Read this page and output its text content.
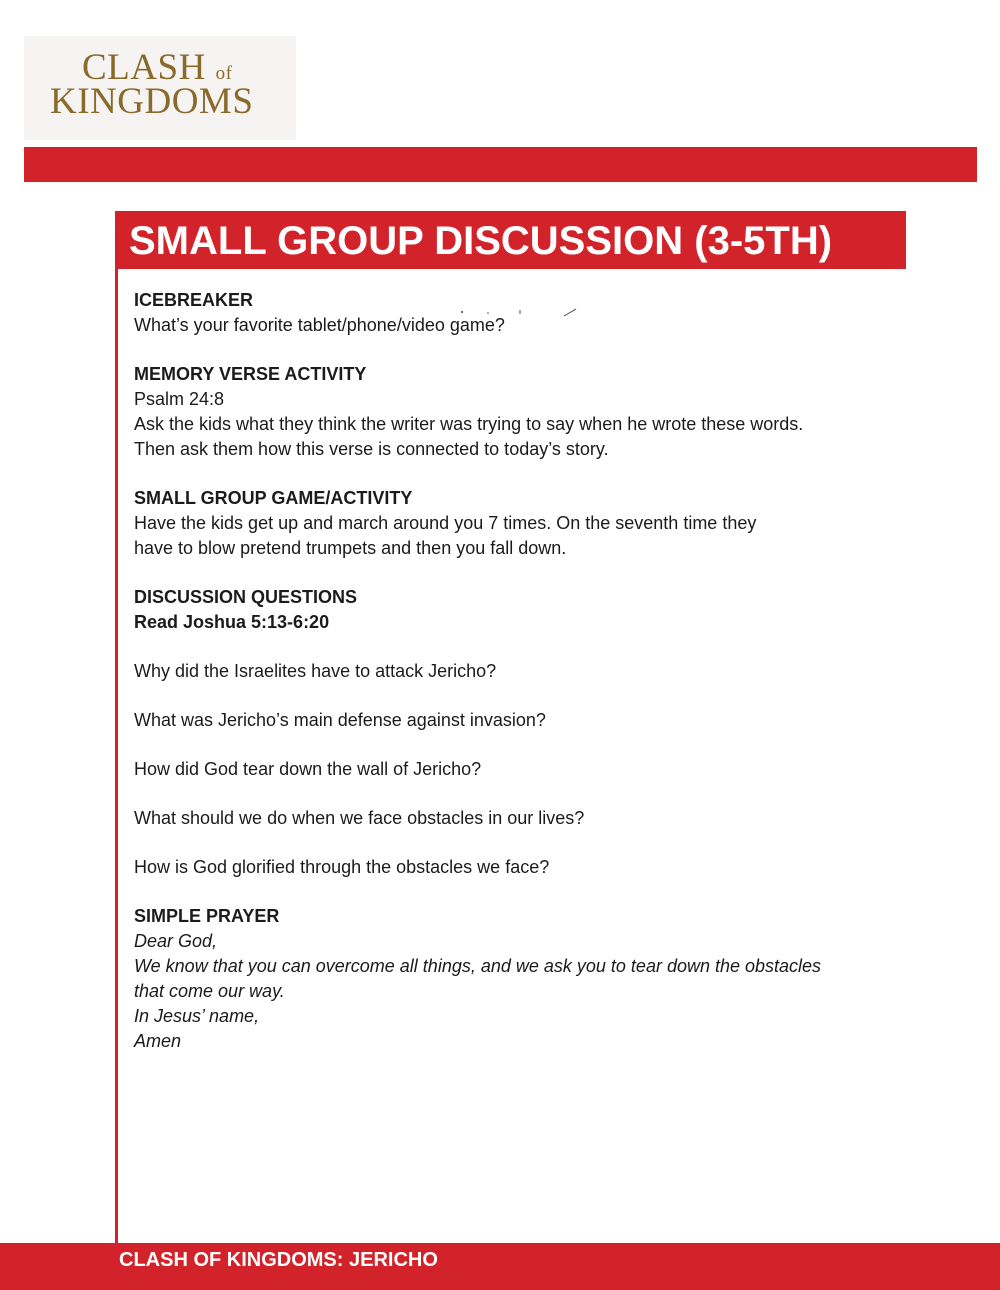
CLASH of
KINGDOMS
SMALL GROUP DISCUSSION (3-5TH)

ICEBREAKER

What’s your favorite tablet/phone/video game?

MEMORY VERSE ACTIVITY

Psalm 24:8

Ask the kids what they think the writer was trying to say when he wrote these words.

Then ask them how this verse is connected to today’s story.

SMALL GROUP GAME/ACTIVITY

Have the kids get up and march around you 7 times. On the seventh time they

have to blow pretend trumpets and then you fall down.

DISCUSSION QUESTIONS

Read Joshua 5:13-6:20

Why did the Israelites have to attack Jericho?

What was Jericho’s main defense against invasion?

How did God tear down the wall of Jericho?

What should we do when we face obstacles in our lives?

How is God glorified through the obstacles we face?

SIMPLE PRAYER

Dear God,

We know that you can overcome all things, and we ask you to tear down the obstacles

that come our way.

In Jesus’ name,

Amen

CLASH OF KINGDOMS: JERICHO
